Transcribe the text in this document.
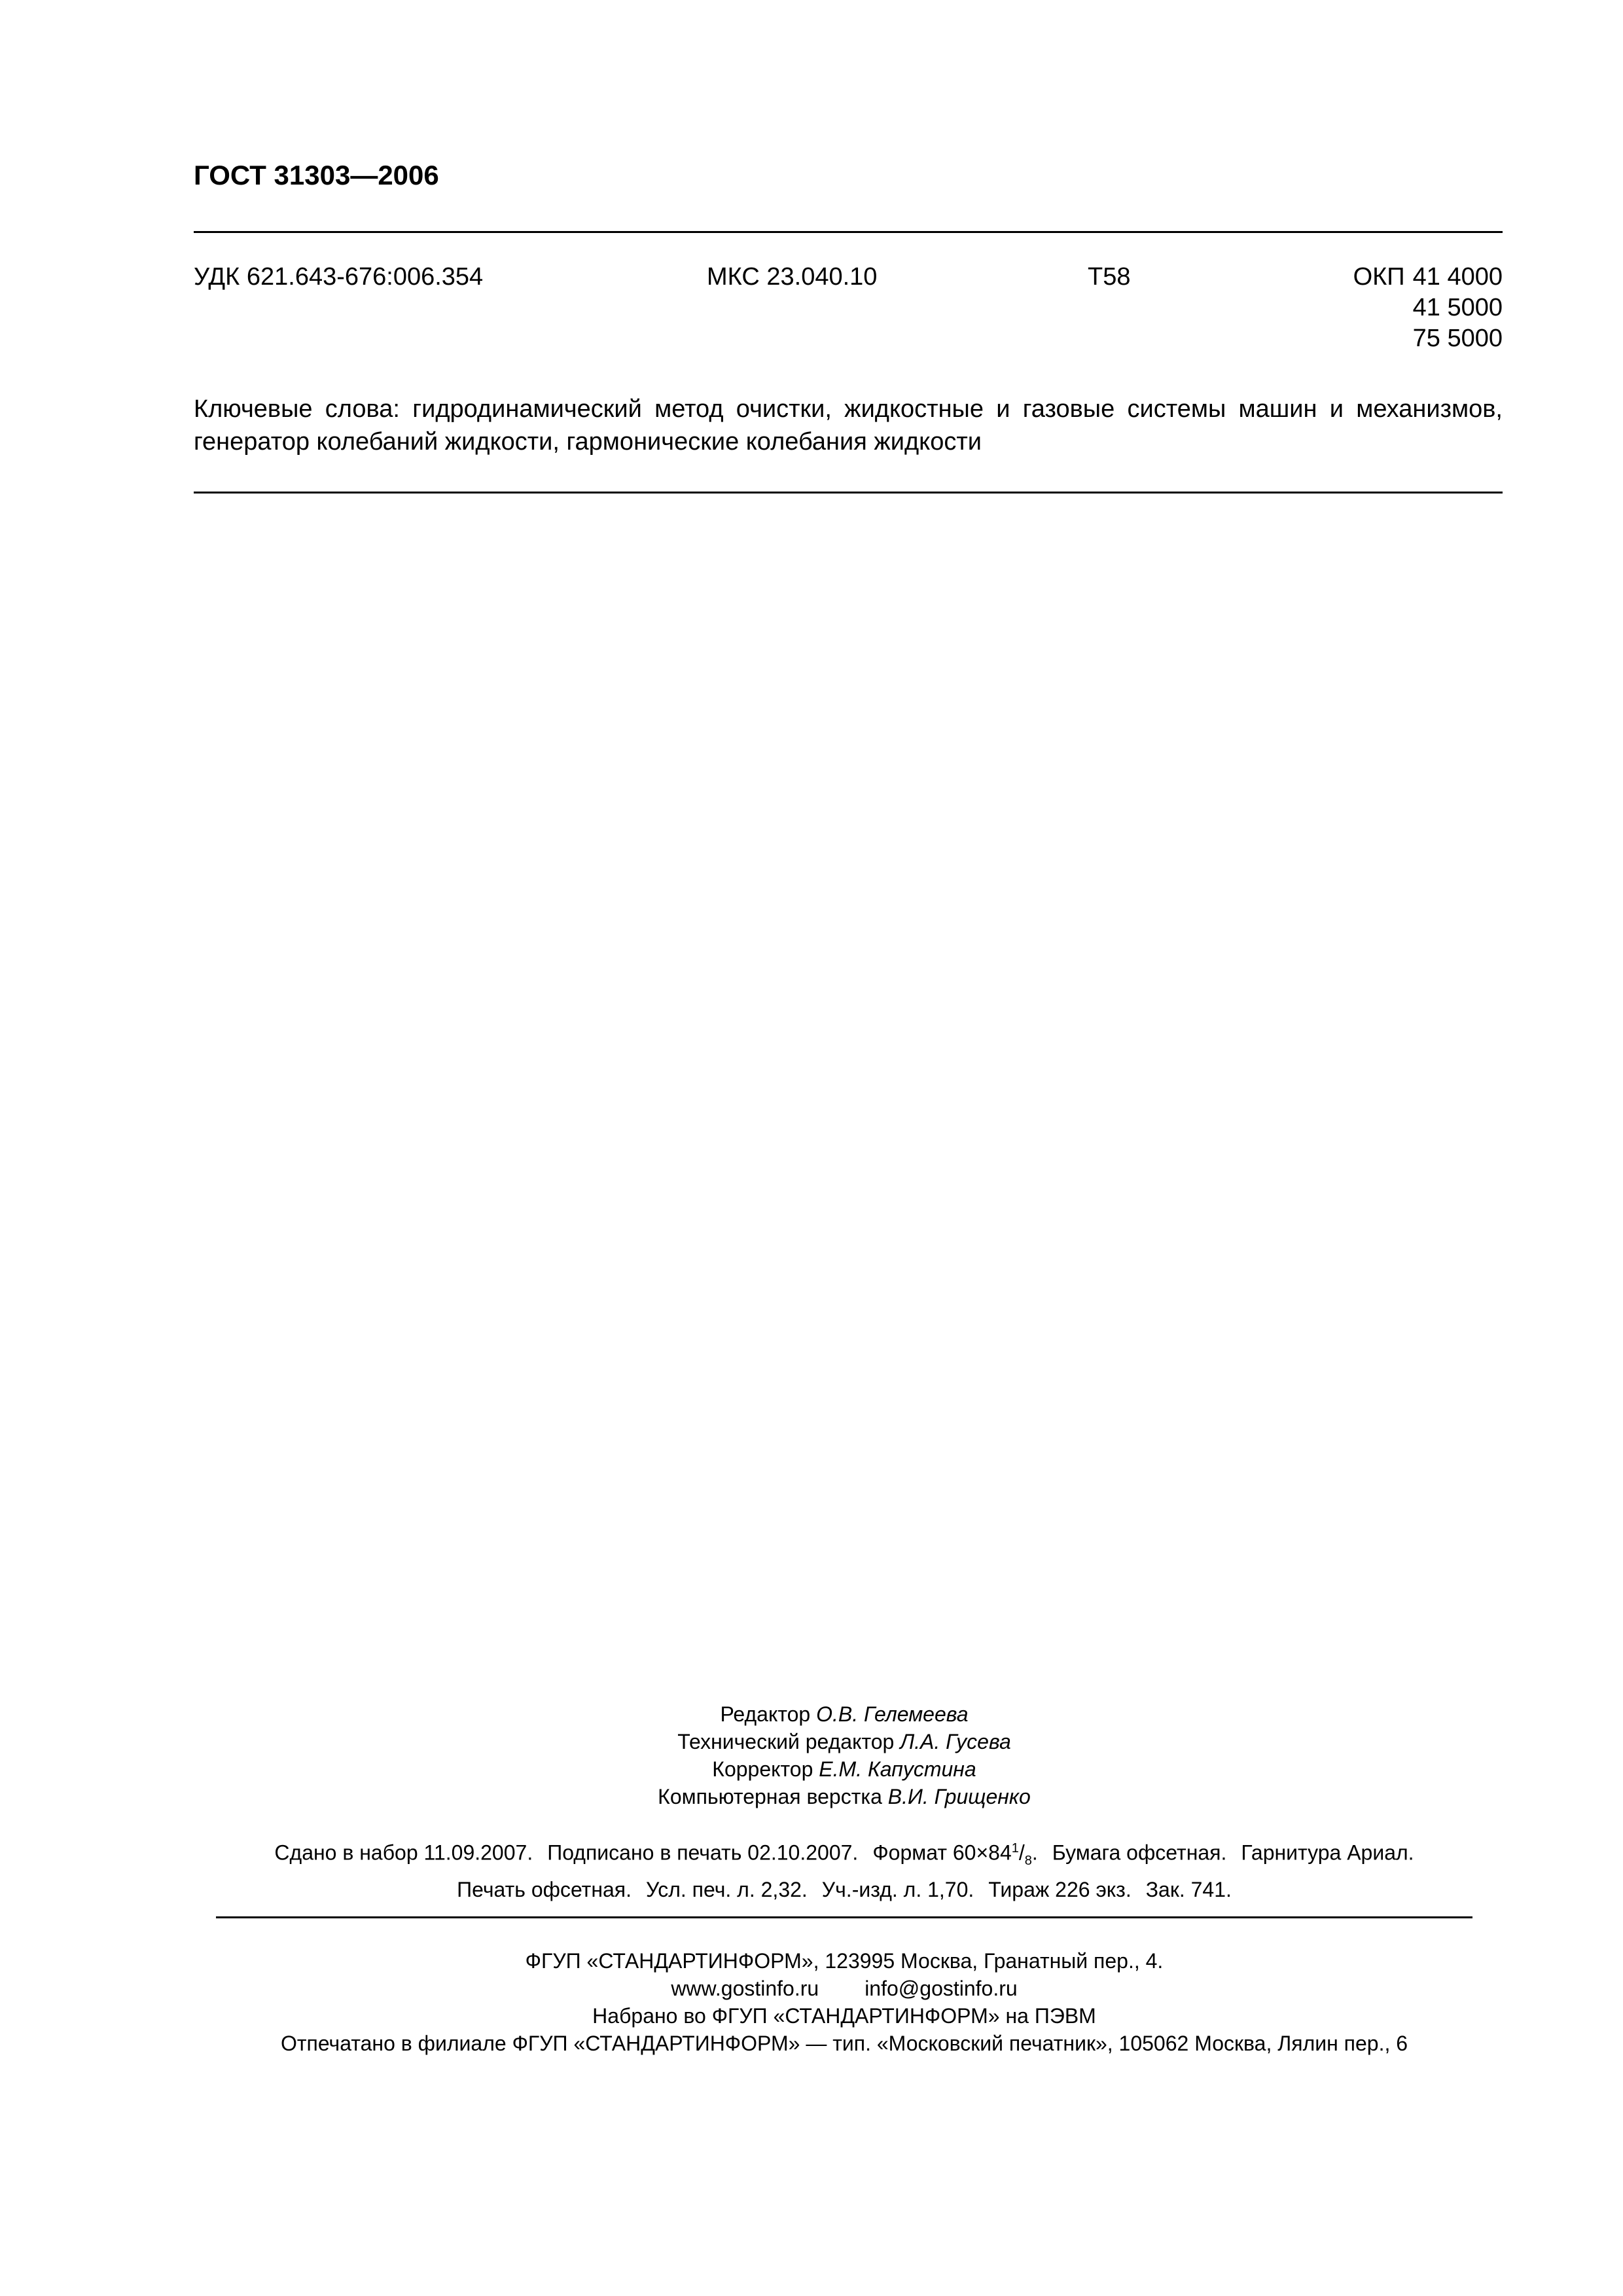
ГОСТ 31303—2006
УДК 621.643-676:006.354	МКС 23.040.10	Т58	ОКП 41 4000
41 5000
75 5000
Ключевые слова: гидродинамический метод очистки, жидкостные и газовые системы машин и механизмов, генератор колебаний жидкости, гармонические колебания жидкости
Редактор О.В. Гелемеева
Технический редактор Л.А. Гусева
Корректор Е.М. Капустина
Компьютерная верстка В.И. Грищенко
Сдано в набор 11.09.2007. Подписано в печать 02.10.2007. Формат $60\times 84^1/_8$. Бумага офсетная. Гарнитура Ариал.
Печать офсетная. Усл. печ. л. 2,32. Уч.-изд. л. 1,70. Тираж 226 экз. Зак. 741.
ФГУП «СТАНДАРТИНФОРМ», 123995 Москва, Гранатный пер., 4.
www.gostinfo.ru info@gostinfo.ru
Набрано во ФГУП «СТАНДАРТИНФОРМ» на ПЭВМ
Отпечатано в филиале ФГУП «СТАНДАРТИНФОРМ» — тип. «Московский печатник», 105062 Москва, Лялин пер., 6
